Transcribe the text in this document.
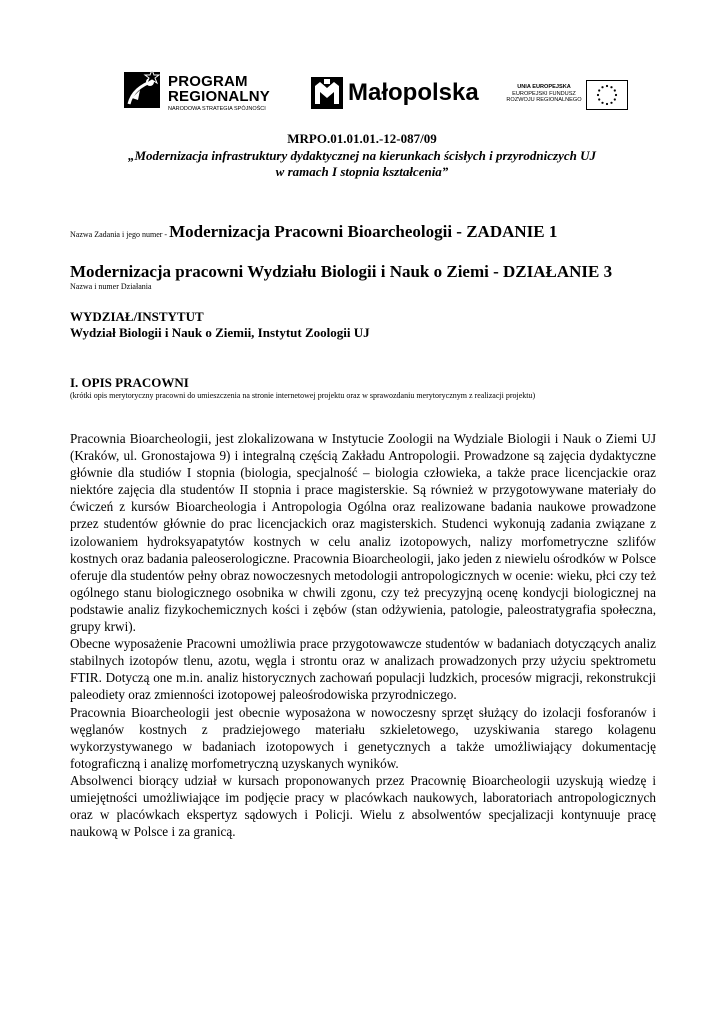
PROGRAM
REGIONALNY
NARODOWA STRATEGIA SPÓJNOŚCI
Małopolska	UNIA EUROPEJSKA
EUROPEJSKI FUNDUSZ
ROZWOJU REGIONALNEGO
MRPO.01.01.01.-12-087/09
„Modernizacja infrastruktury dydaktycznej na kierunkach ścisłych i przyrodniczych UJ
w ramach I stopnia kształcenia”
Nazwa Zadania i jego numer - Modernizacja Pracowni Bioarcheologii - ZADANIE 1
Modernizacja pracowni Wydziału Biologii i Nauk o Ziemi - DZIAŁANIE 3
Nazwa i numer Działania
WYDZIAŁ/INSTYTUT
Wydział Biologii i Nauk o Ziemii, Instytut Zoologii UJ
I. OPIS PRACOWNI
(krótki opis merytoryczny pracowni do umieszczenia na stronie internetowej projektu oraz w sprawozdaniu merytorycznym z realizacji projektu)

Pracownia Bioarcheologii, jest zlokalizowana w Instytucie Zoologii na Wydziale Biologii i Nauk o Ziemi UJ (Kraków, ul. Gronostajowa 9) i integralną częścią Zakładu Antropologii. Prowadzone są zajęcia dydaktyczne głównie dla studiów I stopnia (biologia, specjalność – biologia człowieka, a także prace licencjackie oraz niektóre zajęcia dla studentów II stopnia i prace magisterskie. Są również w przygotowywane materiały do ćwiczeń z kursów Bioarcheologia i Antropologia Ogólna oraz realizowane badania naukowe prowadzone przez studentów głównie do prac licencjackich oraz magisterskich. Studenci wykonują zadania związane z izolowaniem hydroksyapatytów kostnych w celu analiz izotopowych, nalizy morfometryczne szlifów kostnych oraz badania paleoserologiczne. Pracownia Bioarcheologii, jako jeden z niewielu ośrodków w Polsce oferuje dla studentów pełny obraz nowoczesnych metodologii antropologicznych w ocenie: wieku, płci czy też ogólnego stanu biologicznego osobnika w chwili zgonu, czy też precyzyjną ocenę kondycji biologicznej na podstawie analiz fizykochemicznych kości i zębów (stan odżywienia, patologie, paleostratygrafia społeczna, grupy krwi).

Obecne wyposażenie Pracowni umożliwia prace przygotowawcze studentów w badaniach dotyczących analiz stabilnych izotopów tlenu, azotu, węgla i strontu oraz w analizach prowadzonych przy użyciu spektrometu FTIR. Dotyczą one m.in. analiz historycznych zachowań populacji ludzkich, procesów migracji, rekonstrukcji paleodiety oraz zmienności izotopowej paleośrodowiska przyrodniczego.

Pracownia Bioarcheologii jest obecnie wyposażona w nowoczesny sprzęt służący do izolacji fosforanów i węglanów kostnych z pradziejowego materiału szkieletowego, uzyskiwania starego kolagenu wykorzystywanego w badaniach izotopowych i genetycznych a także umożliwiający dokumentację fotograficzną i analizę morfometryczną uzyskanych wyników.

Absolwenci biorący udział w kursach proponowanych przez Pracownię Bioarcheologii uzyskują wiedzę i umiejętności umożliwiające im podjęcie pracy w placówkach naukowych, laboratoriach antropologicznych oraz w placówkach ekspertyz sądowych i Policji. Wielu z absolwentów specjalizacji kontynuuje pracę naukową w Polsce i za granicą.
